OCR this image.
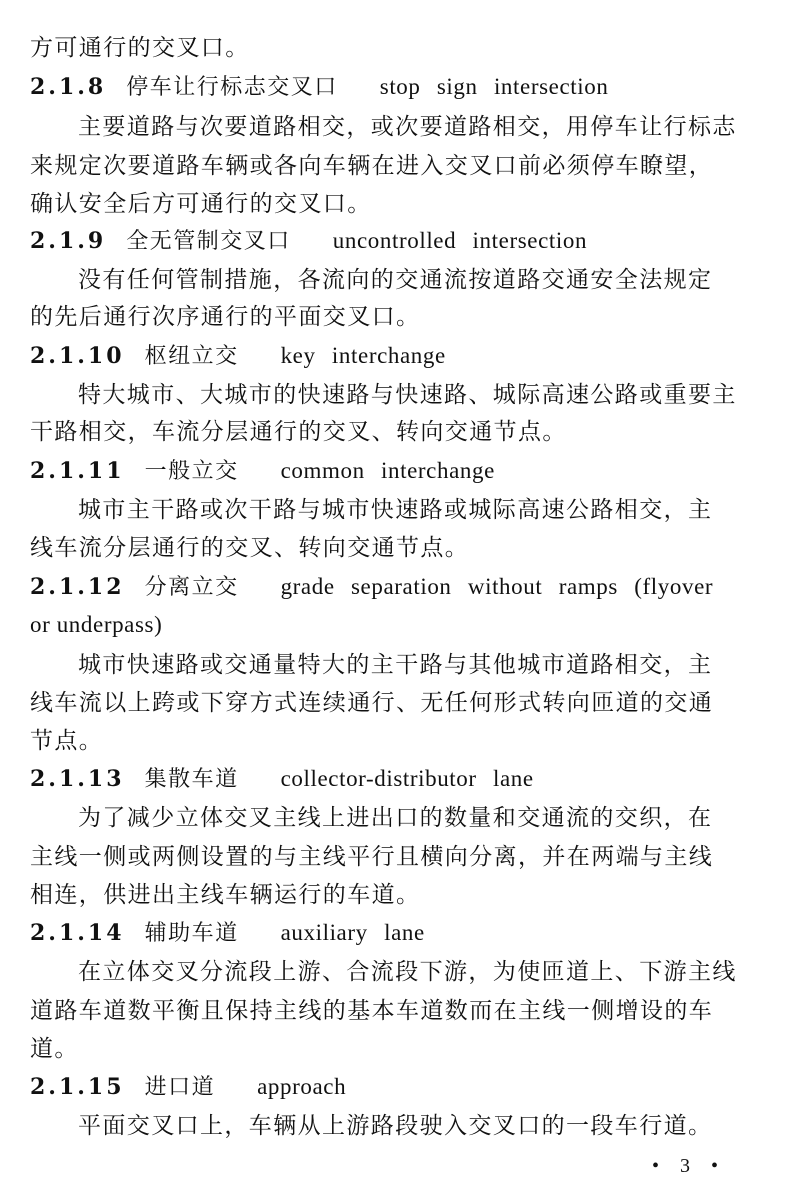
方可通行的交叉口。
2.1.8 停车让行标志交叉口 stop sign intersection
主要道路与次要道路相交，或次要道路相交，用停车让行标志
来规定次要道路车辆或各向车辆在进入交叉口前必须停车瞭望，
确认安全后方可通行的交叉口。
2.1.9 全无管制交叉口 uncontrolled intersection
没有任何管制措施，各流向的交通流按道路交通安全法规定
的先后通行次序通行的平面交叉口。
2.1.10 枢纽立交 key interchange
特大城市、大城市的快速路与快速路、城际高速公路或重要主
干路相交，车流分层通行的交叉、转向交通节点。
2.1.11 一般立交 common interchange
城市主干路或次干路与城市快速路或城际高速公路相交，主
线车流分层通行的交叉、转向交通节点。
2.1.12 分离立交 grade separation without ramps (flyover
or underpass)
城市快速路或交通量特大的主干路与其他城市道路相交，主
线车流以上跨或下穿方式连续通行、无任何形式转向匝道的交通
节点。
2.1.13 集散车道 collector-distributor lane
为了减少立体交叉主线上进出口的数量和交通流的交织，在
主线一侧或两侧设置的与主线平行且横向分离，并在两端与主线
相连，供进出主线车辆运行的车道。
2.1.14 辅助车道 auxiliary lane
在立体交叉分流段上游、合流段下游，为使匝道上、下游主线
道路车道数平衡且保持主线的基本车道数而在主线一侧增设的车
道。
2.1.15 进口道 approach
平面交叉口上，车辆从上游路段驶入交叉口的一段车行道。
• 3 •
